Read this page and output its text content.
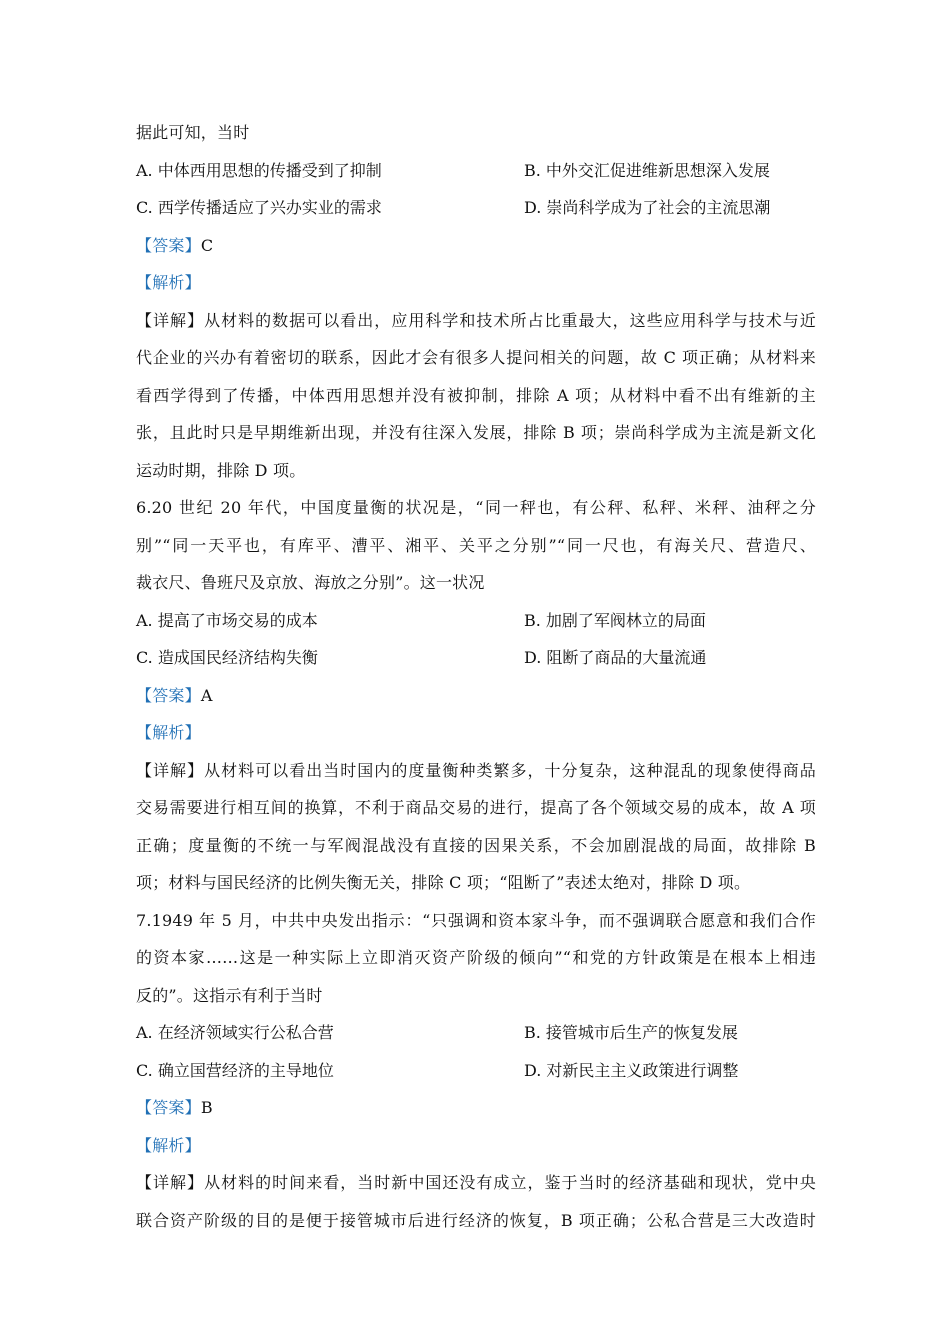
据此可知，当时
A. 中体西用思想的传播受到了抑制	B. 中外交汇促进维新思想深入发展
C. 西学传播适应了兴办实业的需求	D. 崇尚科学成为了社会的主流思潮
【答案】C
【解析】
【详解】从材料的数据可以看出，应用科学和技术所占比重最大，这些应用科学与技术与近
代企业的兴办有着密切的联系，因此才会有很多人提问相关的问题，故 C 项正确；从材料来
看西学得到了传播，中体西用思想并没有被抑制，排除 A 项；从材料中看不出有维新的主
张，且此时只是早期维新出现，并没有往深入发展，排除 B 项；崇尚科学成为主流是新文化
运动时期，排除 D 项。
6.20 世纪 20 年代，中国度量衡的状况是，“同一秤也，有公秤、私秤、米秤、油秤之分
别”“同一天平也，有库平、漕平、湘平、关平之分别”“同一尺也，有海关尺、营造尺、
裁衣尺、鲁班尺及京放、海放之分别”。这一状况
A. 提高了市场交易的成本	B. 加剧了军阀林立的局面
C. 造成国民经济结构失衡	D. 阻断了商品的大量流通
【答案】A
【解析】
【详解】从材料可以看出当时国内的度量衡种类繁多，十分复杂，这种混乱的现象使得商品
交易需要进行相互间的换算，不利于商品交易的进行，提高了各个领域交易的成本，故 A 项
正确；度量衡的不统一与军阀混战没有直接的因果关系，不会加剧混战的局面，故排除 B
项；材料与国民经济的比例失衡无关，排除 C 项；“阻断了”表述太绝对，排除 D 项。
7.1949 年 5 月，中共中央发出指示：“只强调和资本家斗争，而不强调联合愿意和我们合作
的资本家……这是一种实际上立即消灭资产阶级的倾向”“和党的方针政策是在根本上相违
反的”。这指示有利于当时
A. 在经济领域实行公私合营	B. 接管城市后生产的恢复发展
C. 确立国营经济的主导地位	D. 对新民主主义政策进行调整
【答案】B
【解析】
【详解】从材料的时间来看，当时新中国还没有成立，鉴于当时的经济基础和现状，党中央
联合资产阶级的目的是便于接管城市后进行经济的恢复，B 项正确；公私合营是三大改造时
